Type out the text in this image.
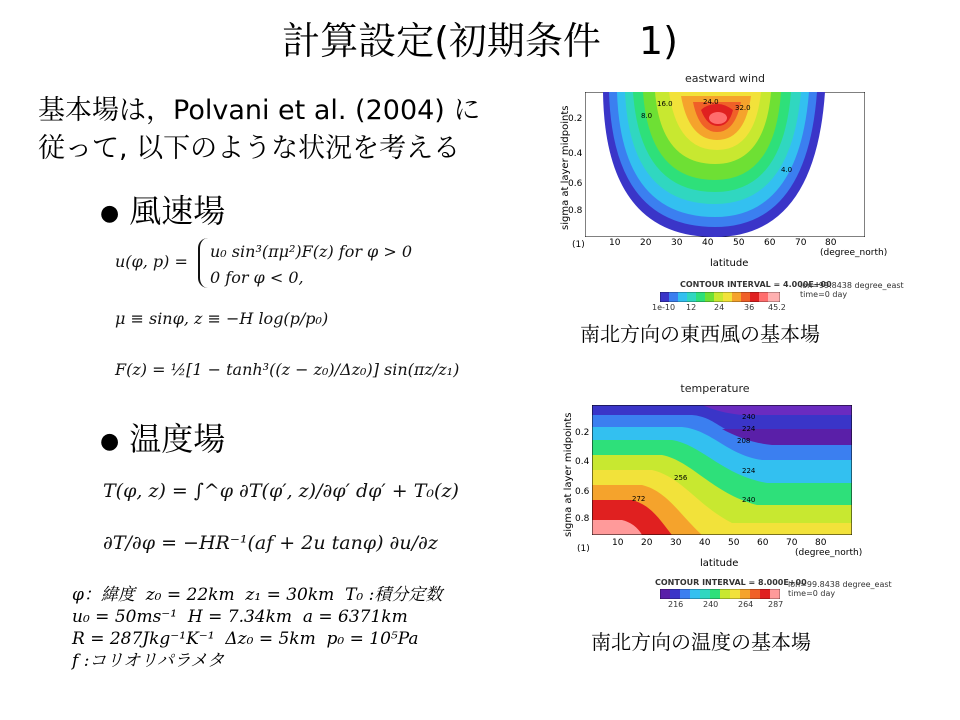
計算設定(初期条件　1)
基本場は，Polvani et al. (2004) に
従って, 以下のような状況を考える
● 風速場
u(φ, p) =
u₀ sin³(πμ²)F(z) for φ > 0
0 for φ < 0,
μ ≡ sinφ, z ≡ −H log(p/p₀)
F(z) = ½[1 − tanh³((z − z₀)/Δz₀)] sin(πz/z₁)
● 温度場
T(φ, z) = ∫^φ ∂T(φ′, z)/∂φ′ dφ′ + T₀(z)
∂T/∂φ = −HR⁻¹(af + 2u tanφ) ∂u/∂z
φ：緯度  z₀ = 22km  z₁ = 30km  T₀ :積分定数
u₀ = 50ms⁻¹  H = 7.34km  a = 6371km
R = 287Jkg⁻¹K⁻¹  Δz₀ = 5km  p₀ = 10⁵Pa
f :コリオリパラメタ
eastward wind
sigma at layer midpoints
16.0	24.0
32.0
8.0
4.0
0.2
0.4
0.6
0.8
(1)	10 20 30 40 50 60 70 80
(degree_north)
latitude
CONTOUR INTERVAL = 4.000E+00
lon=99.8438 degree_east
time=0 day
1e-10 12 24 36 45.2
南北方向の東西風の基本場
temperature
sigma at layer midpoints	240
224
208
224
256
240
272
0.2
0.4
0.6
0.8
(1)
10 20 30 40 50 60 70 80
(degree_north)
latitude
CONTOUR INTERVAL = 8.000E+00
lon=99.8438 degree_east
time=0 day
216 240 264 287
南北方向の温度の基本場
